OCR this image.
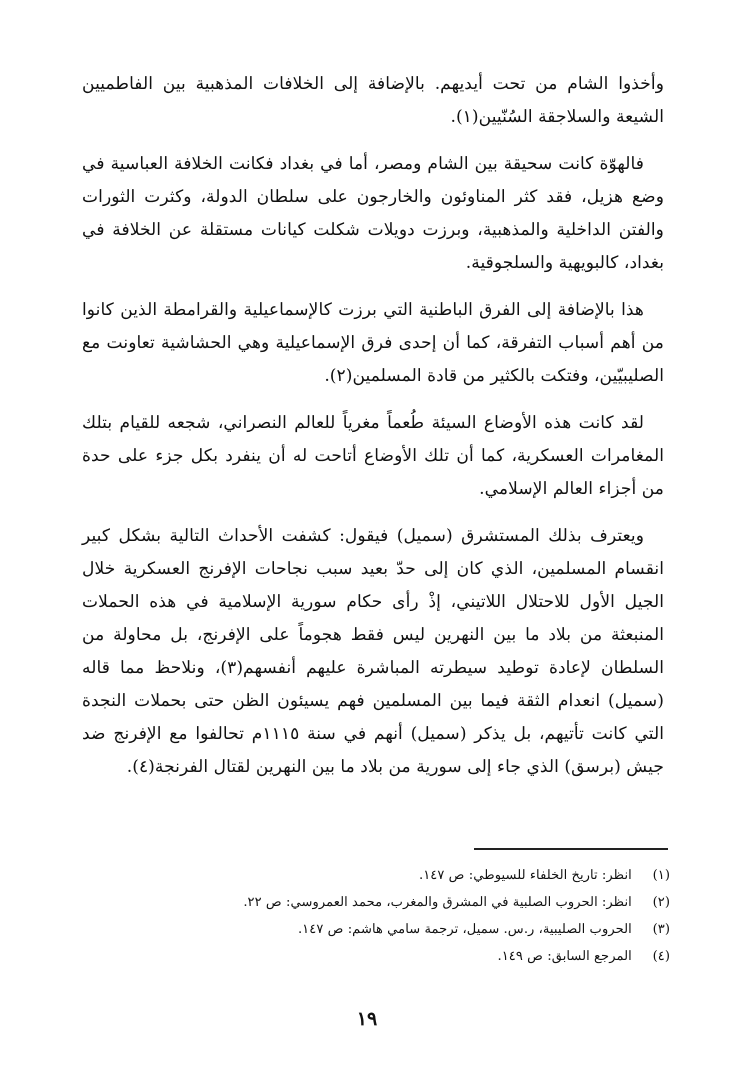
وأخذوا الشام من تحت أيديهم. بالإضافة إلى الخلافات المذهبية بين الفاطميين الشيعة والسلاجقة السُنّيين(١).

فالهوّة كانت سحيقة بين الشام ومصر، أما في بغداد فكانت الخلافة العباسية في وضع هزيل، فقد كثر المناوئون والخارجون على سلطان الدولة، وكثرت الثورات والفتن الداخلية والمذهبية، وبرزت دويلات شكلت كيانات مستقلة عن الخلافة في بغداد، كالبويهية والسلجوقية.

هذا بالإضافة إلى الفرق الباطنية التي برزت كالإسماعيلية والقرامطة الذين كانوا من أهم أسباب التفرقة، كما أن إحدى فرق الإسماعيلية وهي الحشاشية تعاونت مع الصليبيّين، وفتكت بالكثير من قادة المسلمين(٢).

لقد كانت هذه الأوضاع السيئة طُعماً مغرياً للعالم النصراني، شجعه للقيام بتلك المغامرات العسكرية، كما أن تلك الأوضاع أتاحت له أن ينفرد بكل جزء على حدة من أجزاء العالم الإسلامي.

ويعترف بذلك المستشرق (سميل) فيقول: كشفت الأحداث التالية بشكل كبير انقسام المسلمين، الذي كان إلى حدّ بعيد سبب نجاحات الإفرنج العسكرية خلال الجيل الأول للاحتلال اللاتيني، إذْ رأى حكام سورية الإسلامية في هذه الحملات المنبعثة من بلاد ما بين النهرين ليس فقط هجوماً على الإفرنج، بل محاولة من السلطان لإعادة توطيد سيطرته المباشرة عليهم أنفسهم(٣)، ونلاحظ مما قاله (سميل) انعدام الثقة فيما بين المسلمين فهم يسيئون الظن حتى بحملات النجدة التي كانت تأتيهم، بل يذكر (سميل) أنهم في سنة ١١١٥م تحالفوا مع الإفرنج ضد جيش (برسق) الذي جاء إلى سورية من بلاد ما بين النهرين لقتال الفرنجة(٤).

(١) انظر: تاريخ الخلفاء للسيوطي: ص ١٤٧.
(٢) انظر: الحروب الصلبية في المشرق والمغرب، محمد العمروسي: ص ٢٢.
(٣) الحروب الصليبية، ر.س. سميل، ترجمة سامي هاشم: ص ١٤٧.
(٤) المرجع السابق: ص ١٤٩.
١٩
